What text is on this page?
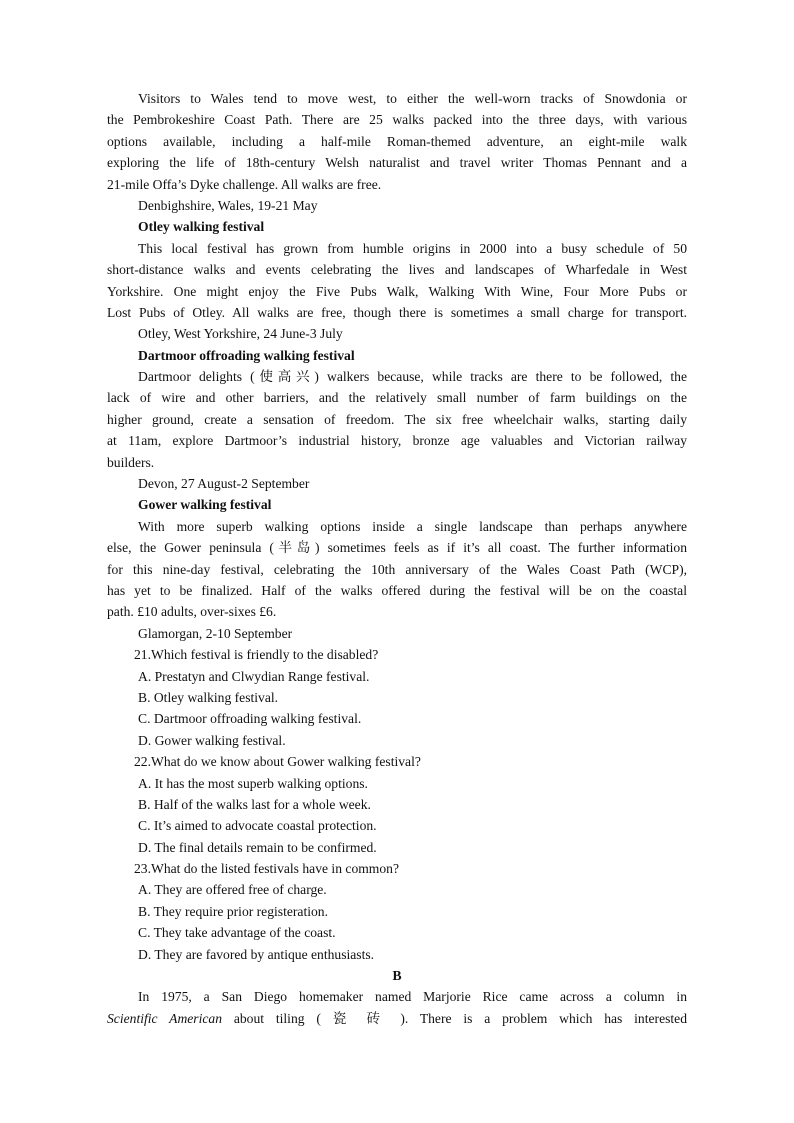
Visitors to Wales tend to move west, to either the well-worn tracks of Snowdonia or
the Pembrokeshire Coast Path. There are 25 walks packed into the three days, with various
options available, including a half-mile Roman-themed adventure, an eight-mile walk
exploring the life of 18th-century Welsh naturalist and travel writer Thomas Pennant and a
21-mile Offa’s Dyke challenge. All walks are free.
Denbighshire, Wales, 19-21 May
Otley walking festival
This local festival has grown from humble origins in 2000 into a busy schedule of 50
short-distance walks and events celebrating the lives and landscapes of Wharfedale in West
Yorkshire. One might enjoy the Five Pubs Walk, Walking With Wine, Four More Pubs or
Lost Pubs of Otley. All walks are free, though there is sometimes a small charge for transport.
Otley, West Yorkshire, 24 June-3 July
Dartmoor offroading walking festival
Dartmoor delights (使高兴) walkers because, while tracks are there to be followed, the
lack of wire and other barriers, and the relatively small number of farm buildings on the
higher ground, create a sensation of freedom. The six free wheelchair walks, starting daily
at 11am, explore Dartmoor’s industrial history, bronze age valuables and Victorian railway
builders.
Devon, 27 August-2 September
Gower walking festival
With more superb walking options inside a single landscape than perhaps anywhere
else, the Gower peninsula (半岛) sometimes feels as if it’s all coast. The further information
for this nine-day festival, celebrating the 10th anniversary of the Wales Coast Path (WCP),
has yet to be finalized. Half of the walks offered during the festival will be on the coastal
path. £10 adults, over-sixes £6.
Glamorgan, 2-10 September
21.Which festival is friendly to the disabled?
A. Prestatyn and Clwydian Range festival.
B. Otley walking festival.
C. Dartmoor offroading walking festival.
D. Gower walking festival.
22.What do we know about Gower walking festival?
A. It has the most superb walking options.
B. Half of the walks last for a whole week.
C. It’s aimed to advocate coastal protection.
D. The final details remain to be confirmed.
23.What do the listed festivals have in common?
A. They are offered free of charge.
B. They require prior registeration.
C. They take advantage of the coast.
D. They are favored by antique enthusiasts.
B
In 1975, a San Diego homemaker named Marjorie Rice came across a column in
Scientific American about tiling ( 瓷 砖 ). There is a problem which has interested
